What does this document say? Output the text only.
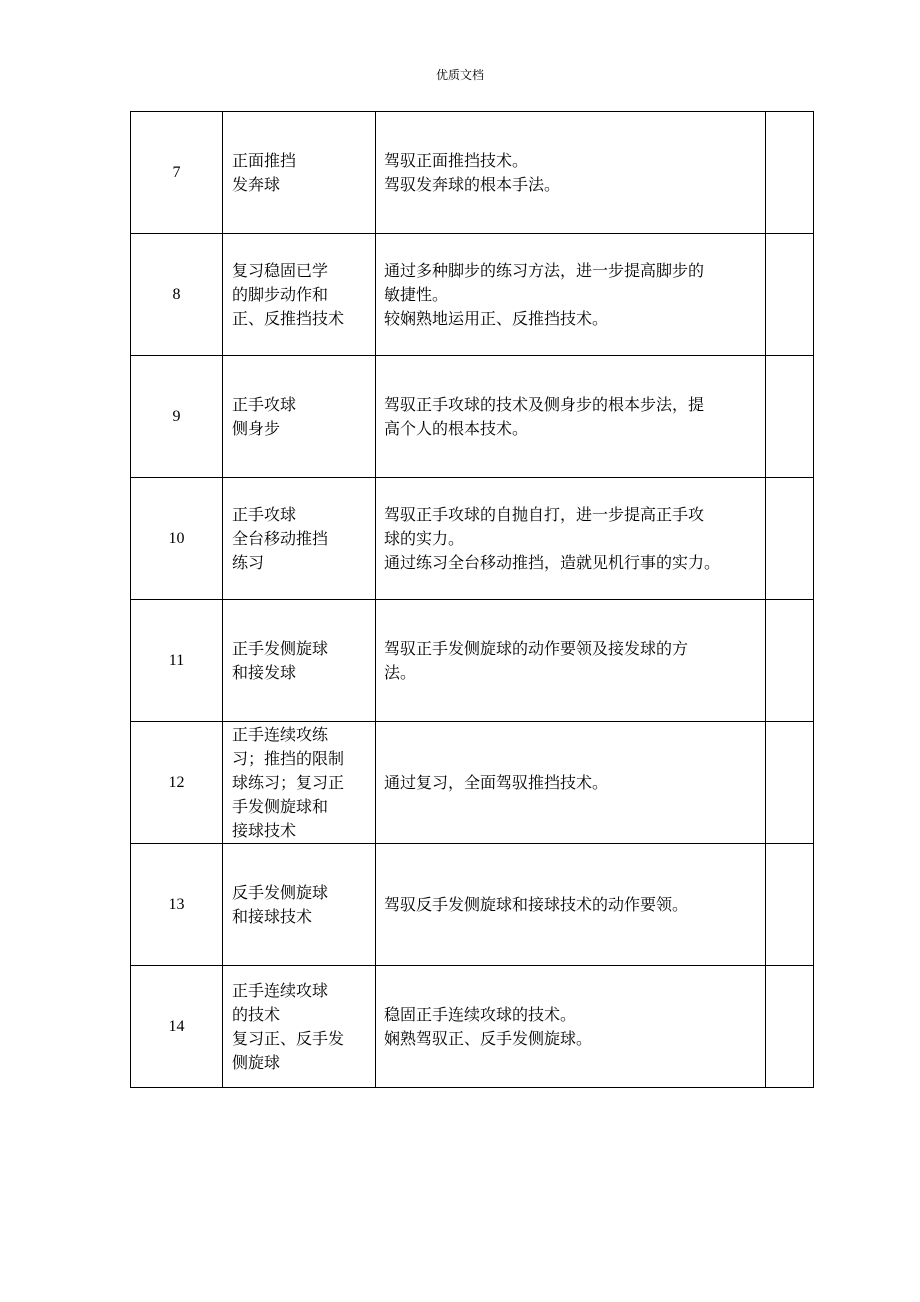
优质文档
7	正面推挡
发奔球	驾驭正面推挡技术。
驾驭发奔球的根本手法。	

8	复习稳固已学
的脚步动作和
正、反推挡技术	通过多种脚步的练习方法，进一步提高脚步的
敏捷性。
较娴熟地运用正、反推挡技术。	

9	正手攻球
侧身步	驾驭正手攻球的技术及侧身步的根本步法，提
高个人的根本技术。	

10	正手攻球
全台移动推挡
练习	驾驭正手攻球的自抛自打，进一步提高正手攻
球的实力。
通过练习全台移动推挡，造就见机行事的实力。	

11	正手发侧旋球
和接发球	驾驭正手发侧旋球的动作要领及接发球的方
法。	

12	正手连续攻练
习；推挡的限制
球练习；复习正
手发侧旋球和
接球技术	通过复习，全面驾驭推挡技术。	

13	反手发侧旋球
和接球技术	驾驭反手发侧旋球和接球技术的动作要领。	

14	正手连续攻球
的技术
复习正、反手发
侧旋球	稳固正手连续攻球的技术。
娴熟驾驭正、反手发侧旋球。	
